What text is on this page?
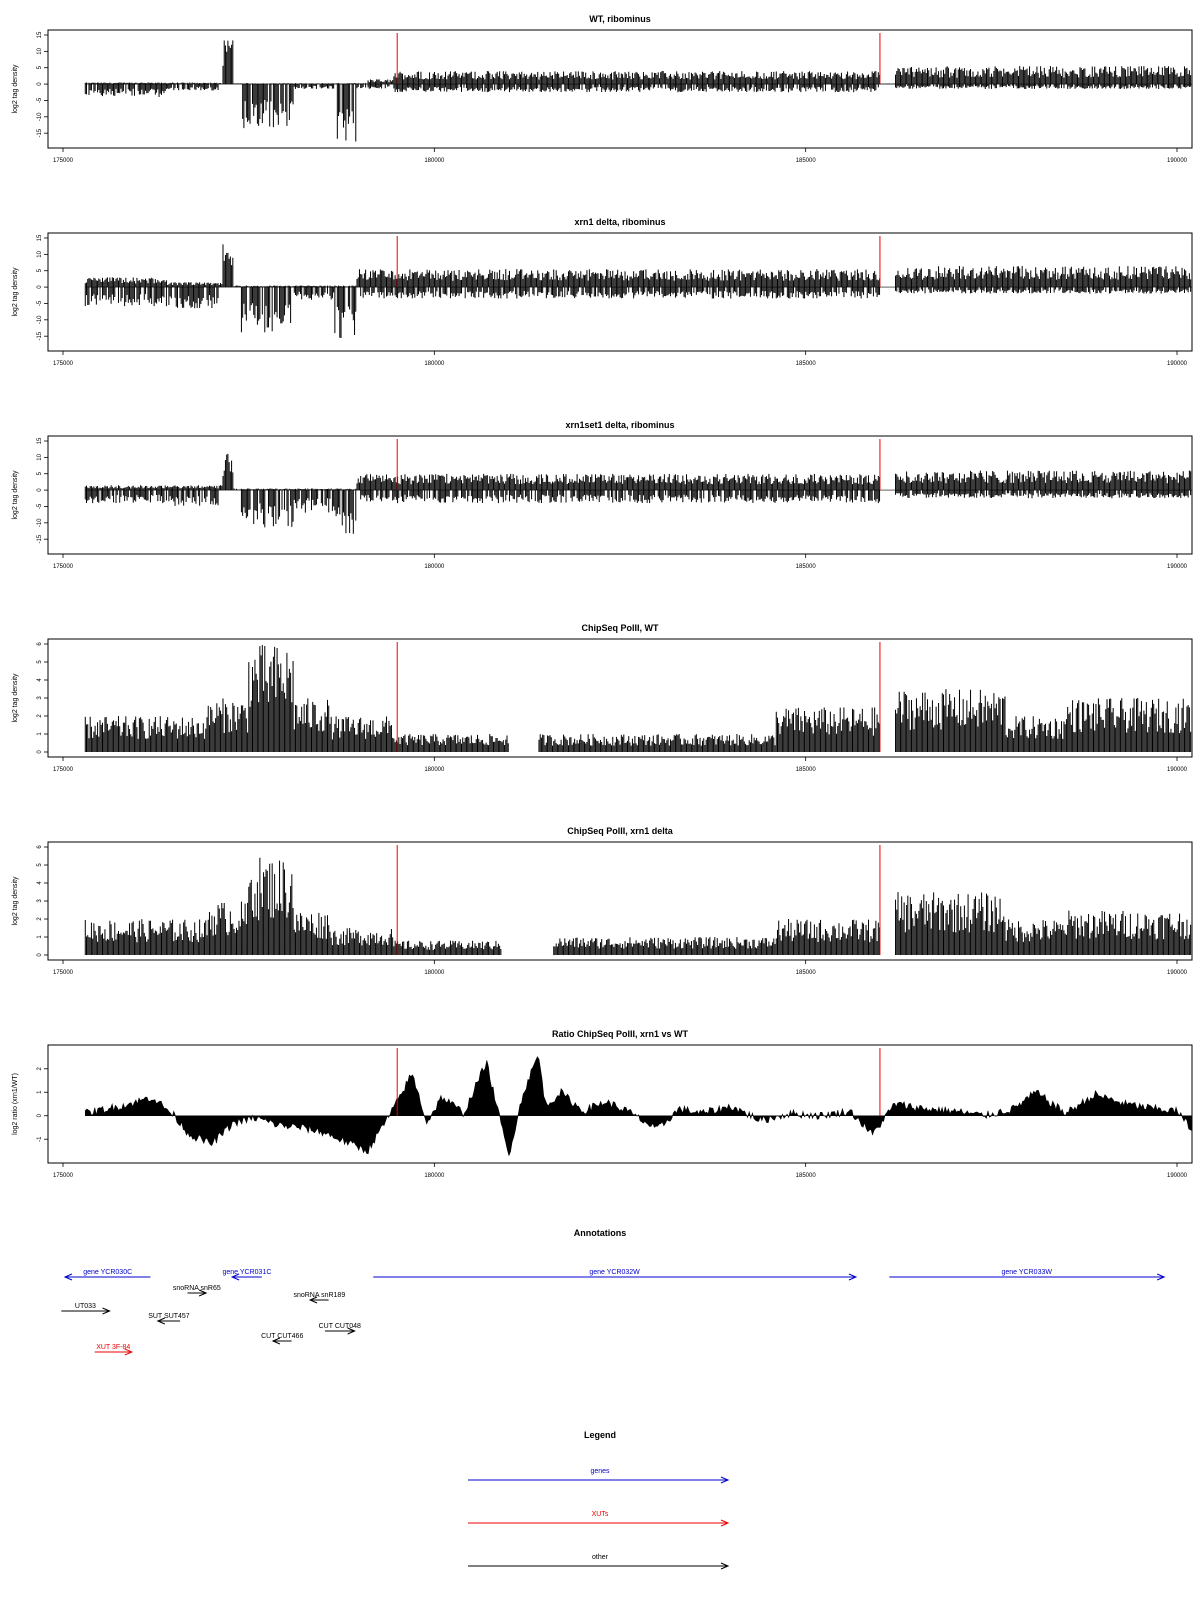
WT, ribominus
-15
-10
-5
0
5
10
15
log2 tag density
175000	180000	185000	190000
xrn1 delta, ribominus
-15
-10
-5
0
5
10
15
log2 tag density
175000	180000	185000	190000
xrn1set1 delta, ribominus
-15
-10
-5
0
5
10
15
log2 tag density
175000	180000	185000	190000
ChipSeq PolII, WT
0
1
2
3
4
5
6
log2 tag density
175000	180000	185000	190000
ChipSeq PolII, xrn1 delta
0
1
2
3
4
5
6
log2 tag density
175000	180000	185000	190000
Ratio ChipSeq PolII, xrn1 vs WT
-1
0
1
2
log2 ratio (xrn1/WT)
175000	180000	185000	190000
Annotations
gene YCR030C	gene YCR031C	gene YCR032W	gene YCR033W
snoRNA snR65
snoRNA snR189
UT033
SUT SUT457
CUT CUT048
CUT CUT466
XUT 3F-84
Legend
genes
XUTs
other
